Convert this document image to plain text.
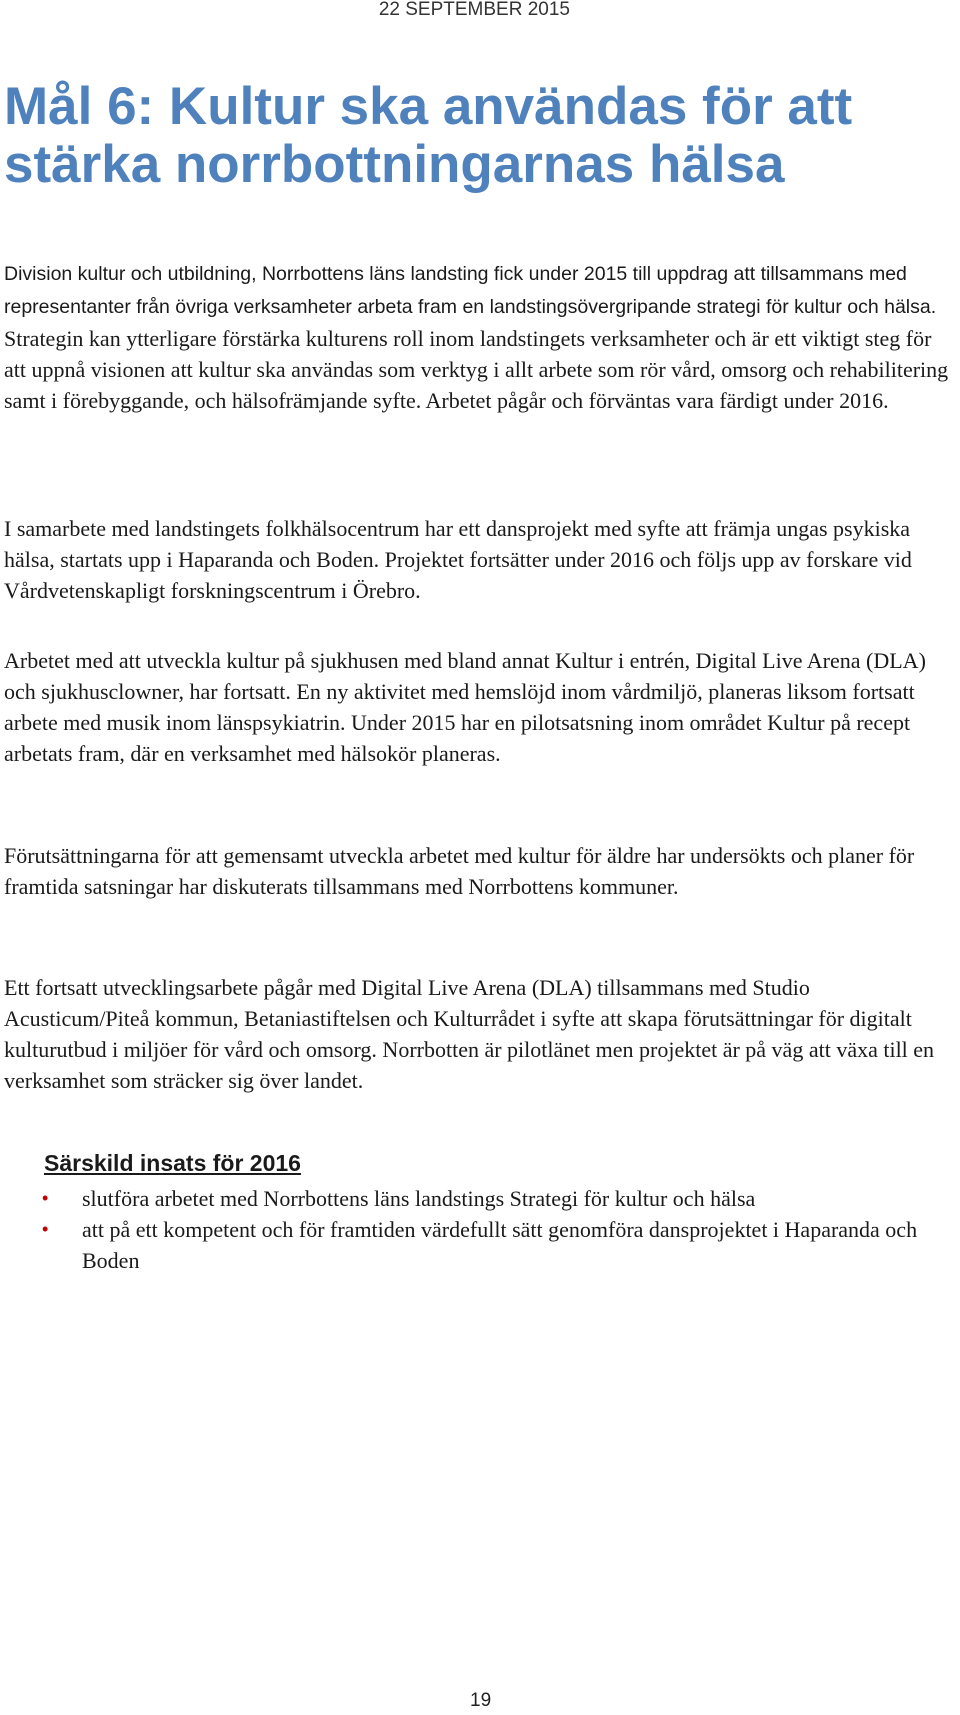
22 SEPTEMBER 2015
Mål 6: Kultur ska användas för att stärka norrbottningarnas hälsa

Division kultur och utbildning, Norrbottens läns landsting fick under 2015 till uppdrag att tillsammans med representanter från övriga verksamheter arbeta fram en landstingsövergripande strategi för kultur och hälsa. Strategin kan ytterligare förstärka kulturens roll inom landstingets verksamheter och är ett viktigt steg för att uppnå visionen att kultur ska användas som verktyg i allt arbete som rör vård, omsorg och rehabilitering samt i förebyggande, och hälsofrämjande syfte. Arbetet pågår och förväntas vara färdigt under 2016.

I samarbete med landstingets folkhälsocentrum har ett dansprojekt med syfte att främja ungas psykiska hälsa, startats upp i Haparanda och Boden. Projektet fortsätter under 2016 och följs upp av forskare vid Vårdvetenskapligt forskningscentrum i Örebro.

Arbetet med att utveckla kultur på sjukhusen med bland annat Kultur i entrén, Digital Live Arena (DLA) och sjukhusclowner, har fortsatt. En ny aktivitet med hemslöjd inom vårdmiljö, planeras liksom fortsatt arbete med musik inom länspsykiatrin. Under 2015 har en pilotsatsning inom området Kultur på recept arbetats fram, där en verksamhet med hälsokör planeras.

Förutsättningarna för att gemensamt utveckla arbetet med kultur för äldre har undersökts och planer för framtida satsningar har diskuterats tillsammans med Norrbottens kommuner.

Ett fortsatt utvecklingsarbete pågår med Digital Live Arena (DLA) tillsammans med Studio Acusticum/Piteå kommun, Betaniastiftelsen och Kulturrådet i syfte att skapa förutsättningar för digitalt kulturutbud i miljöer för vård och omsorg. Norrbotten är pilotlänet men projektet är på väg att växa till en verksamhet som sträcker sig över landet.

Särskild insats för 2016
• slutföra arbetet med Norrbottens läns landstings Strategi för kultur och hälsa
• att på ett kompetent och för framtiden värdefullt sätt genomföra dansprojektet i Haparanda och Boden
19
